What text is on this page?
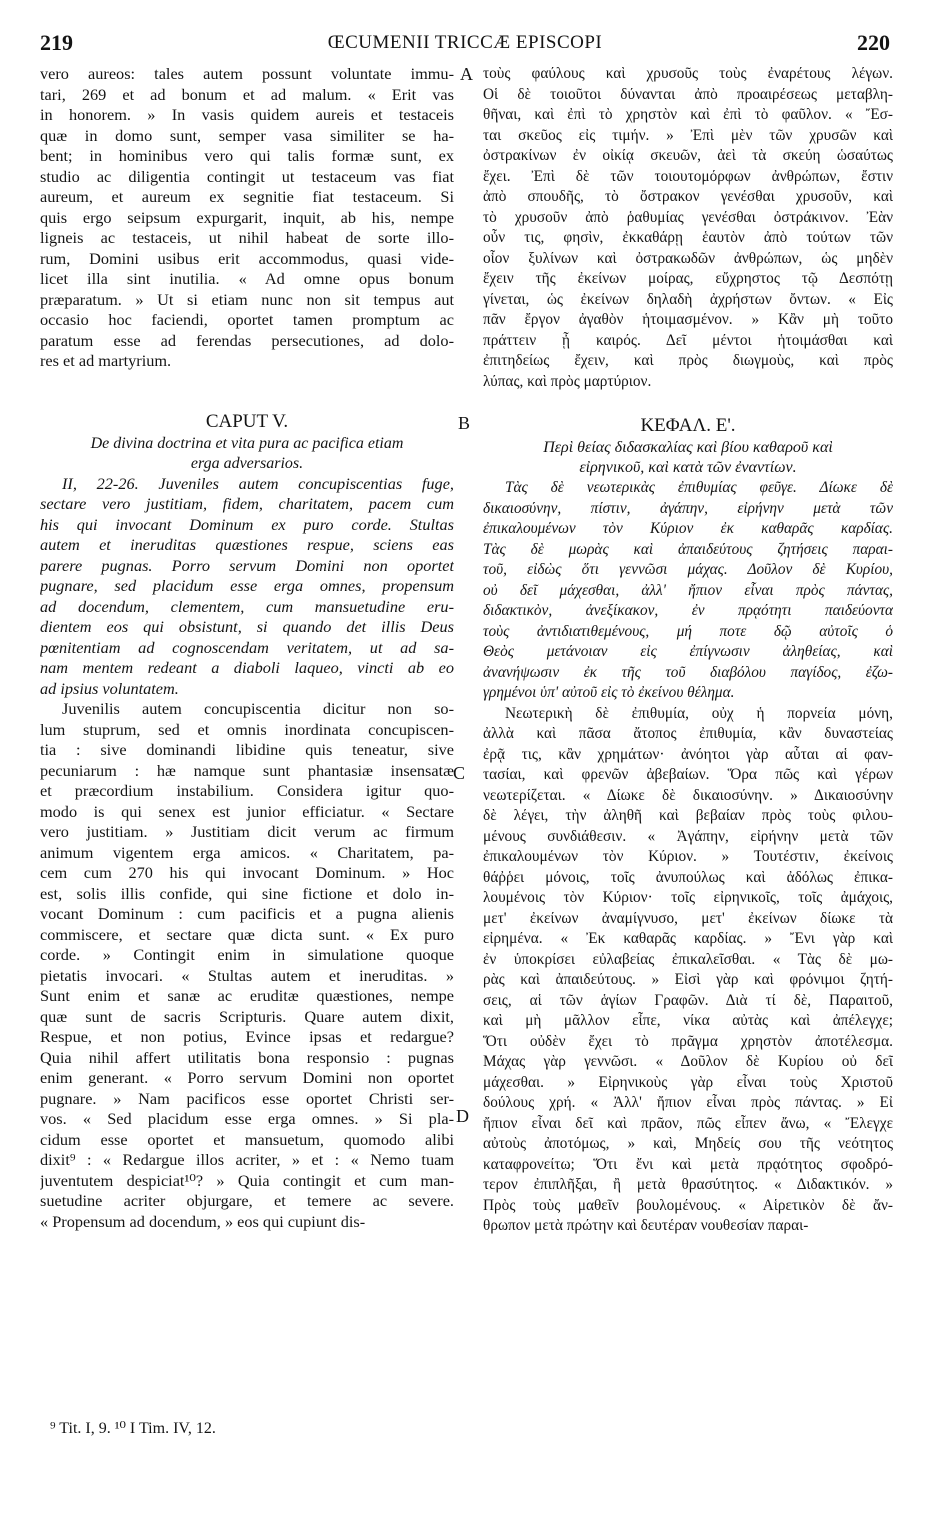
219	ŒCUMENII TRICCÆ EPISCOPI	220
A
B
C
D
vero aureos: tales autem possunt voluntate immu-
tari, 269 et ad bonum et ad malum. « Erit vas
in honorem. » In vasis quidem aureis et testaceis
quæ in domo sunt, semper vasa similiter se ha-
bent; in hominibus vero qui talis formæ sunt, ex
studio ac diligentia contingit ut testaceum vas fiat
aureum, et aureum ex segnitie fiat testaceum. Si
quis ergo seipsum expurgarit, inquit, ab his, nempe
ligneis ac testaceis, ut nihil habeat de sorte illo-
rum, Domini usibus erit accommodus, quasi vide-
licet illa sint inutilia. « Ad omne opus bonum
præparatum. » Ut si etiam nunc non sit tempus aut
occasio hoc faciendi, oportet tamen promptum ac
paratum esse ad ferendas persecutiones, ad dolo-
res et ad martyrium.
CAPUT V.
De divina doctrina et vita pura ac pacifica etiam
erga adversarios.
II, 22-26. Juveniles autem concupiscentias fuge,
sectare vero justitiam, fidem, charitatem, pacem cum
his qui invocant Dominum ex puro corde. Stultas
autem et ineruditas quæstiones respue, sciens eas
parere pugnas. Porro servum Domini non oportet
pugnare, sed placidum esse erga omnes, propensum
ad docendum, clementem, cum mansuetudine eru-
dientem eos qui obsistunt, si quando det illis Deus
pœnitentiam ad cognoscendam veritatem, ut ad sa-
nam mentem redeant a diaboli laqueo, vincti ab eo
ad ipsius voluntatem.
Juvenilis autem concupiscentia dicitur non so-
lum stuprum, sed et omnis inordinata concupiscen-
tia : sive dominandi libidine quis teneatur, sive
pecuniarum : hæ namque sunt phantasiæ insensatæ
et præcordium instabilium. Considera igitur quo-
modo is qui senex est junior efficiatur. « Sectare
vero justitiam. » Justitiam dicit verum ac firmum
animum vigentem erga amicos. « Charitatem, pa-
cem cum 270 his qui invocant Dominum. » Hoc
est, solis illis confide, qui sine fictione et dolo in-
vocant Dominum : cum pacificis et a pugna alienis
commiscere, et sectare quæ dicta sunt. « Ex puro
corde. » Contingit enim in simulatione quoque
pietatis invocari. « Stultas autem et ineruditas. »
Sunt enim et sanæ ac eruditæ quæstiones, nempe
quæ sunt de sacris Scripturis. Quare autem dixit,
Respue, et non potius, Evince ipsas et redargue?
Quia nihil affert utilitatis bona responsio : pugnas
enim generant. « Porro servum Domini non oportet
pugnare. » Nam pacificos esse oportet Christi ser-
vos. « Sed placidum esse erga omnes. » Si pla-
cidum esse oportet et mansuetum, quomodo alibi
dixit⁹ : « Redargue illos acriter, » et : « Nemo tuam
juventutem despiciat¹⁰? » Quia contingit et cum man-
suetudine acriter objurgare, et temere ac severe.
« Propensum ad docendum, » eos qui cupiunt dis-
τοὺς φαύλους καὶ χρυσοῦς τοὺς ἐναρέτους λέγων.
Οἱ δὲ τοιοῦτοι δύνανται ἀπὸ προαιρέσεως μεταβλη-
θῆναι, καὶ ἐπὶ τὸ χρηστὸν καὶ ἐπὶ τὸ φαῦλον. « Ἔσ-
ται σκεῦος εἰς τιμήν. » Ἐπὶ μὲν τῶν χρυσῶν καὶ
ὀστρακίνων ἐν οἰκίᾳ σκευῶν, ἀεὶ τὰ σκεύη ὡσαύτως
ἔχει. Ἐπὶ δὲ τῶν τοιουτομόρφων ἀνθρώπων, ἔστιν
ἀπὸ σπουδῆς, τὸ ὄστρακον γενέσθαι χρυσοῦν, καὶ
τὸ χρυσοῦν ἀπὸ ῥαθυμίας γενέσθαι ὀστράκινον. Ἐὰν
οὖν τις, φησὶν, ἐκκαθάρῃ ἑαυτὸν ἀπὸ τούτων τῶν
οἷον ξυλίνων καὶ ὀστρακωδῶν ἀνθρώπων, ὡς μηδὲν
ἔχειν τῆς ἐκείνων μοίρας, εὔχρηστος τῷ Δεσπότῃ
γίνεται, ὡς ἐκείνων δηλαδὴ ἀχρήστων ὄντων. « Εἰς
πᾶν ἔργον ἀγαθὸν ἡτοιμασμένον. » Κἂν μὴ τοῦτο
πράττειν ᾖ καιρός. Δεῖ μέντοι ἡτοιμάσθαι καὶ
ἐπιτηδείως ἔχειν, καὶ πρὸς διωγμοὺς, καὶ πρὸς
λύπας, καὶ πρὸς μαρτύριον.
ΚΕΦΑΛ. Ε'.
Περὶ θείας διδασκαλίας καὶ βίου καθαροῦ καὶ
εἰρηνικοῦ, καὶ κατὰ τῶν ἐναντίων.
Τὰς δὲ νεωτερικὰς ἐπιθυμίας φεῦγε. Δίωκε δὲ
δικαιοσύνην, πίστιν, ἀγάπην, εἰρήνην μετὰ τῶν
ἐπικαλουμένων τὸν Κύριον ἐκ καθαρᾶς καρδίας.
Τὰς δὲ μωρὰς καὶ ἀπαιδεύτους ζητήσεις παραι-
τοῦ, εἰδὼς ὅτι γεννῶσι μάχας. Δοῦλον δὲ Κυρίου,
οὐ δεῖ μάχεσθαι, ἀλλ' ἤπιον εἶναι πρὸς πάντας,
διδακτικὸν, ἀνεξίκακον, ἐν πρᾳότητι παιδεύοντα
τοὺς ἀντιδιατιθεμένους, μή ποτε δῷ αὐτοῖς ὁ
Θεὸς μετάνοιαν εἰς ἐπίγνωσιν ἀληθείας, καὶ
ἀνανήψωσιν ἐκ τῆς τοῦ διαβόλου παγίδος, ἐζω-
γρημένοι ὑπ' αὐτοῦ εἰς τὸ ἐκείνου θέλημα.
Νεωτερικὴ δὲ ἐπιθυμία, οὐχ ἡ πορνεία μόνη,
ἀλλὰ καὶ πᾶσα ἄτοπος ἐπιθυμία, κἂν δυναστείας
ἐρᾷ τις, κἂν χρημάτων· ἀνόητοι γὰρ αὗται αἱ φαν-
τασίαι, καὶ φρενῶν ἀβεβαίων. Ὅρα πῶς καὶ γέρων
νεωτερίζεται. « Δίωκε δὲ δικαιοσύνην. » Δικαιοσύνην
δὲ λέγει, τὴν ἀληθῆ καὶ βεβαίαν πρὸς τοὺς φιλου-
μένους συνδιάθεσιν. « Ἀγάπην, εἰρήνην μετὰ τῶν
ἐπικαλουμένων τὸν Κύριον. » Τουτέστιν, ἐκείνοις
θάῤῥει μόνοις, τοῖς ἀνυπούλως καὶ ἀδόλως ἐπικα-
λουμένοις τὸν Κύριον· τοῖς εἰρηνικοῖς, τοῖς ἀμάχοις,
μετ' ἐκείνων ἀναμίγνυσο, μετ' ἐκείνων δίωκε τὰ
εἰρημένα. « Ἐκ καθαρᾶς καρδίας. » Ἔνι γὰρ καὶ
ἐν ὑποκρίσει εὐλαβείας ἐπικαλεῖσθαι. « Τὰς δὲ μω-
ρὰς καὶ ἀπαιδεύτους. » Εἰσὶ γὰρ καὶ φρόνιμοι ζητή-
σεις, αἱ τῶν ἁγίων Γραφῶν. Διὰ τί δὲ, Παραιτοῦ,
καὶ μὴ μᾶλλον εἶπε, νίκα αὐτὰς καὶ ἀπέλεγχε;
Ὅτι οὐδὲν ἔχει τὸ πρᾶγμα χρηστὸν ἀποτέλεσμα.
Μάχας γὰρ γεννῶσι. « Δοῦλον δὲ Κυρίου οὐ δεῖ
μάχεσθαι. » Εἰρηνικοὺς γὰρ εἶναι τοὺς Χριστοῦ
δούλους χρή. « Ἀλλ' ἤπιον εἶναι πρὸς πάντας. » Εἰ
ἤπιον εἶναι δεῖ καὶ πρᾶον, πῶς εἶπεν ἄνω, « Ἔλεγχε
αὐτοὺς ἀποτόμως, » καὶ, Μηδείς σου τῆς νεότητος
καταφρονείτω; Ὅτι ἔνι καὶ μετὰ πρᾳότητος σφοδρό-
τερον ἐπιπλῆξαι, ἢ μετὰ θρασύτητος. « Διδακτικόν. »
Πρὸς τοὺς μαθεῖν βουλομένους. « Αἱρετικὸν δὲ ἄν-
θρωπον μετὰ πρώτην καὶ δευτέραν νουθεσίαν παραι-
⁹ Tit. I, 9. ¹⁰ I Tim. IV, 12.
